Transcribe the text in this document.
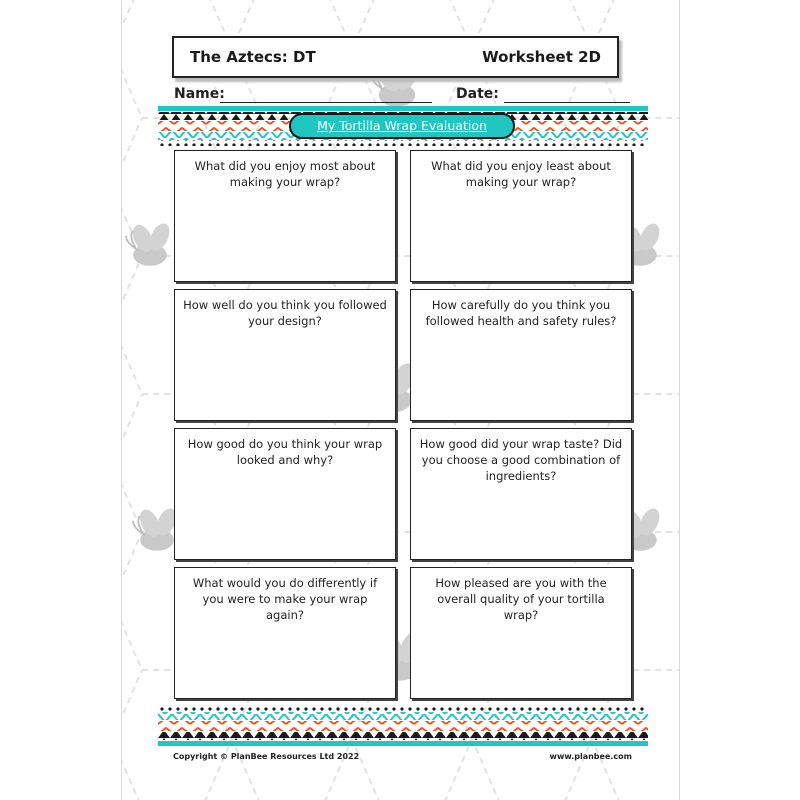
The Aztecs: DT	Worksheet 2D
Name:	Date:
My Tortilla Wrap Evaluation
What did you enjoy most about making your wrap?
What did you enjoy least about making your wrap?
How well do you think you followed your design?
How carefully do you think you followed health and safety rules?
How good do you think your wrap looked and why?
How good did your wrap taste? Did you choose a good combination of ingredients?
What would you do differently if you were to make your wrap again?
How pleased are you with the overall quality of your tortilla wrap?
Copyright © PlanBee Resources Ltd 2022	www.planbee.com
